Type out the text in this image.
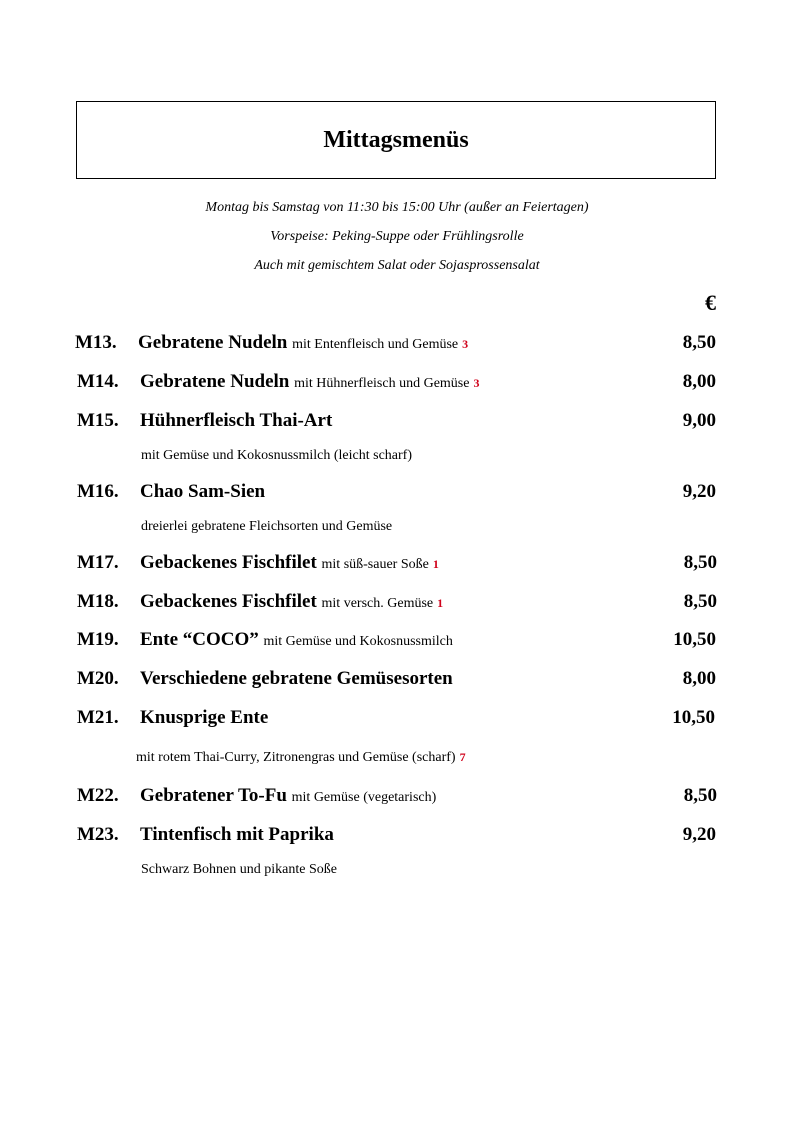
Mittagsmenüs
Montag bis Samstag von 11:30 bis 15:00 Uhr (außer an Feiertagen)
Vorspeise: Peking-Suppe oder Frühlingsrolle
Auch mit gemischtem Salat oder Sojasprossensalat
€
M13. Gebratene Nudeln mit Entenfleisch und Gemüse 3	8,50
M14. Gebratene Nudeln mit Hühnerfleisch und Gemüse 3	8,00
M15. Hühnerfleisch Thai-Art	9,00
mit Gemüse und Kokosnussmilch (leicht scharf)
M16. Chao Sam-Sien	9,20
dreierlei gebratene Fleichsorten und Gemüse
M17. Gebackenes Fischfilet mit süß-sauer Soße 1	8,50
M18. Gebackenes Fischfilet mit versch. Gemüse 1	8,50
M19. Ente “COCO” mit Gemüse und Kokosnussmilch	10,50
M20. Verschiedene gebratene Gemüsesorten	8,00
M21. Knusprige Ente	10,50
mit rotem Thai-Curry, Zitronengras und Gemüse (scharf) 7
M22. Gebratener To-Fu mit Gemüse (vegetarisch)	8,50
M23. Tintenfisch mit Paprika	9,20
Schwarz Bohnen und pikante Soße
